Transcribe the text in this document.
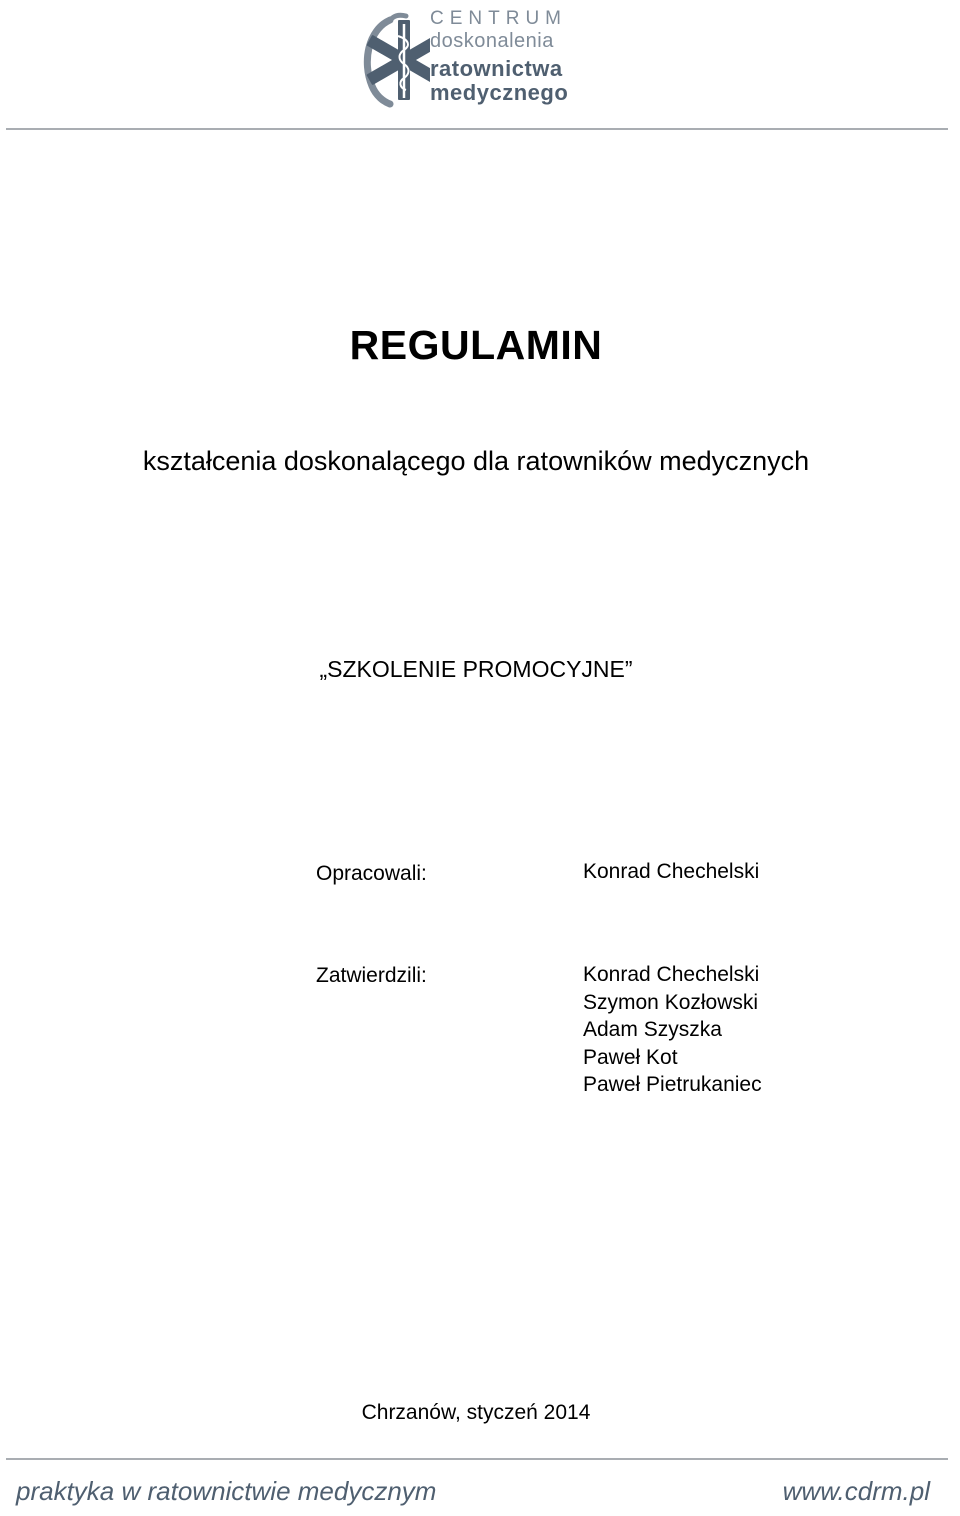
CENTRUM
doskonalenia
ratownictwa
medycznego
REGULAMIN
kształcenia doskonalącego dla ratowników medycznych
„SZKOLENIE PROMOCYJNE”
Opracowali:	Konrad Chechelski
Zatwierdzili:	Konrad Chechelski
Szymon Kozłowski
Adam Szyszka
Paweł Kot
Paweł Pietrukaniec
Chrzanów, styczeń 2014
praktyka w ratownictwie medycznym	www.cdrm.pl
